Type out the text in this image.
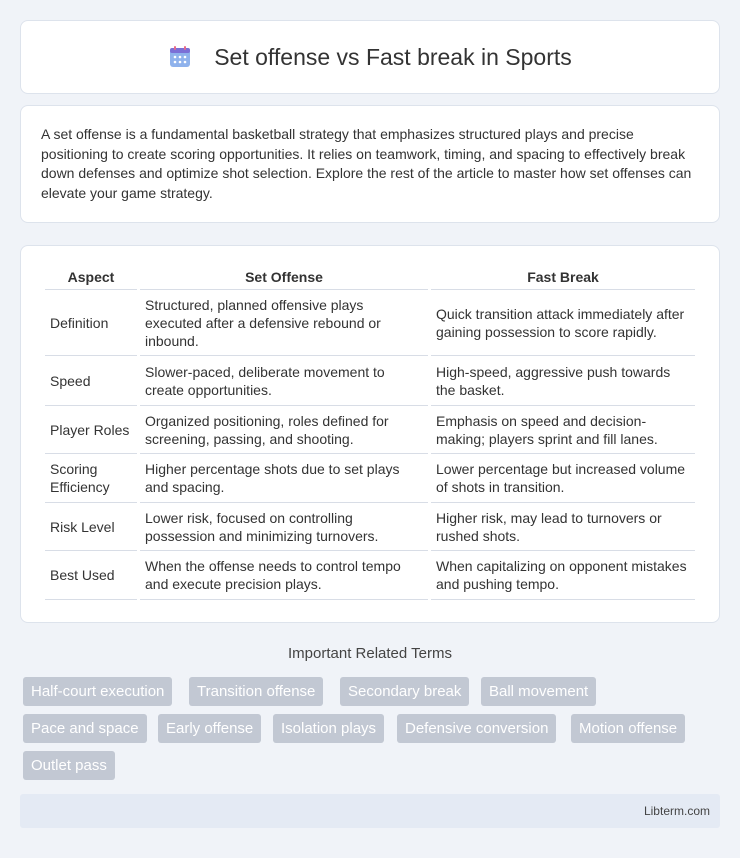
Set offense vs Fast break in Sports

A set offense is a fundamental basketball strategy that emphasizes structured plays and precise positioning to create scoring opportunities. It relies on teamwork, timing, and spacing to effectively break down defenses and optimize shot selection. Explore the rest of the article to master how set offenses can elevate your game strategy.

Aspect	Set Offense	Fast Break
Definition	Structured, planned offensive plays executed after a defensive rebound or inbound.	Quick transition attack immediately after gaining possession to score rapidly.
Speed	Slower-paced, deliberate movement to create opportunities.	High-speed, aggressive push towards the basket.
Player Roles	Organized positioning, roles defined for screening, passing, and shooting.	Emphasis on speed and decision-making; players sprint and fill lanes.
Scoring Efficiency	Higher percentage shots due to set plays and spacing.	Lower percentage but increased volume of shots in transition.
Risk Level	Lower risk, focused on controlling possession and minimizing turnovers.	Higher risk, may lead to turnovers or rushed shots.
Best Used	When the offense needs to control tempo and execute precision plays.	When capitalizing on opponent mistakes and pushing tempo.
Important Related Terms
Half-court execution	Transition offense	Secondary break	Ball movement
Pace and space	Early offense	Isolation plays	Defensive conversion	Motion offense
Outlet pass
Libterm.com
